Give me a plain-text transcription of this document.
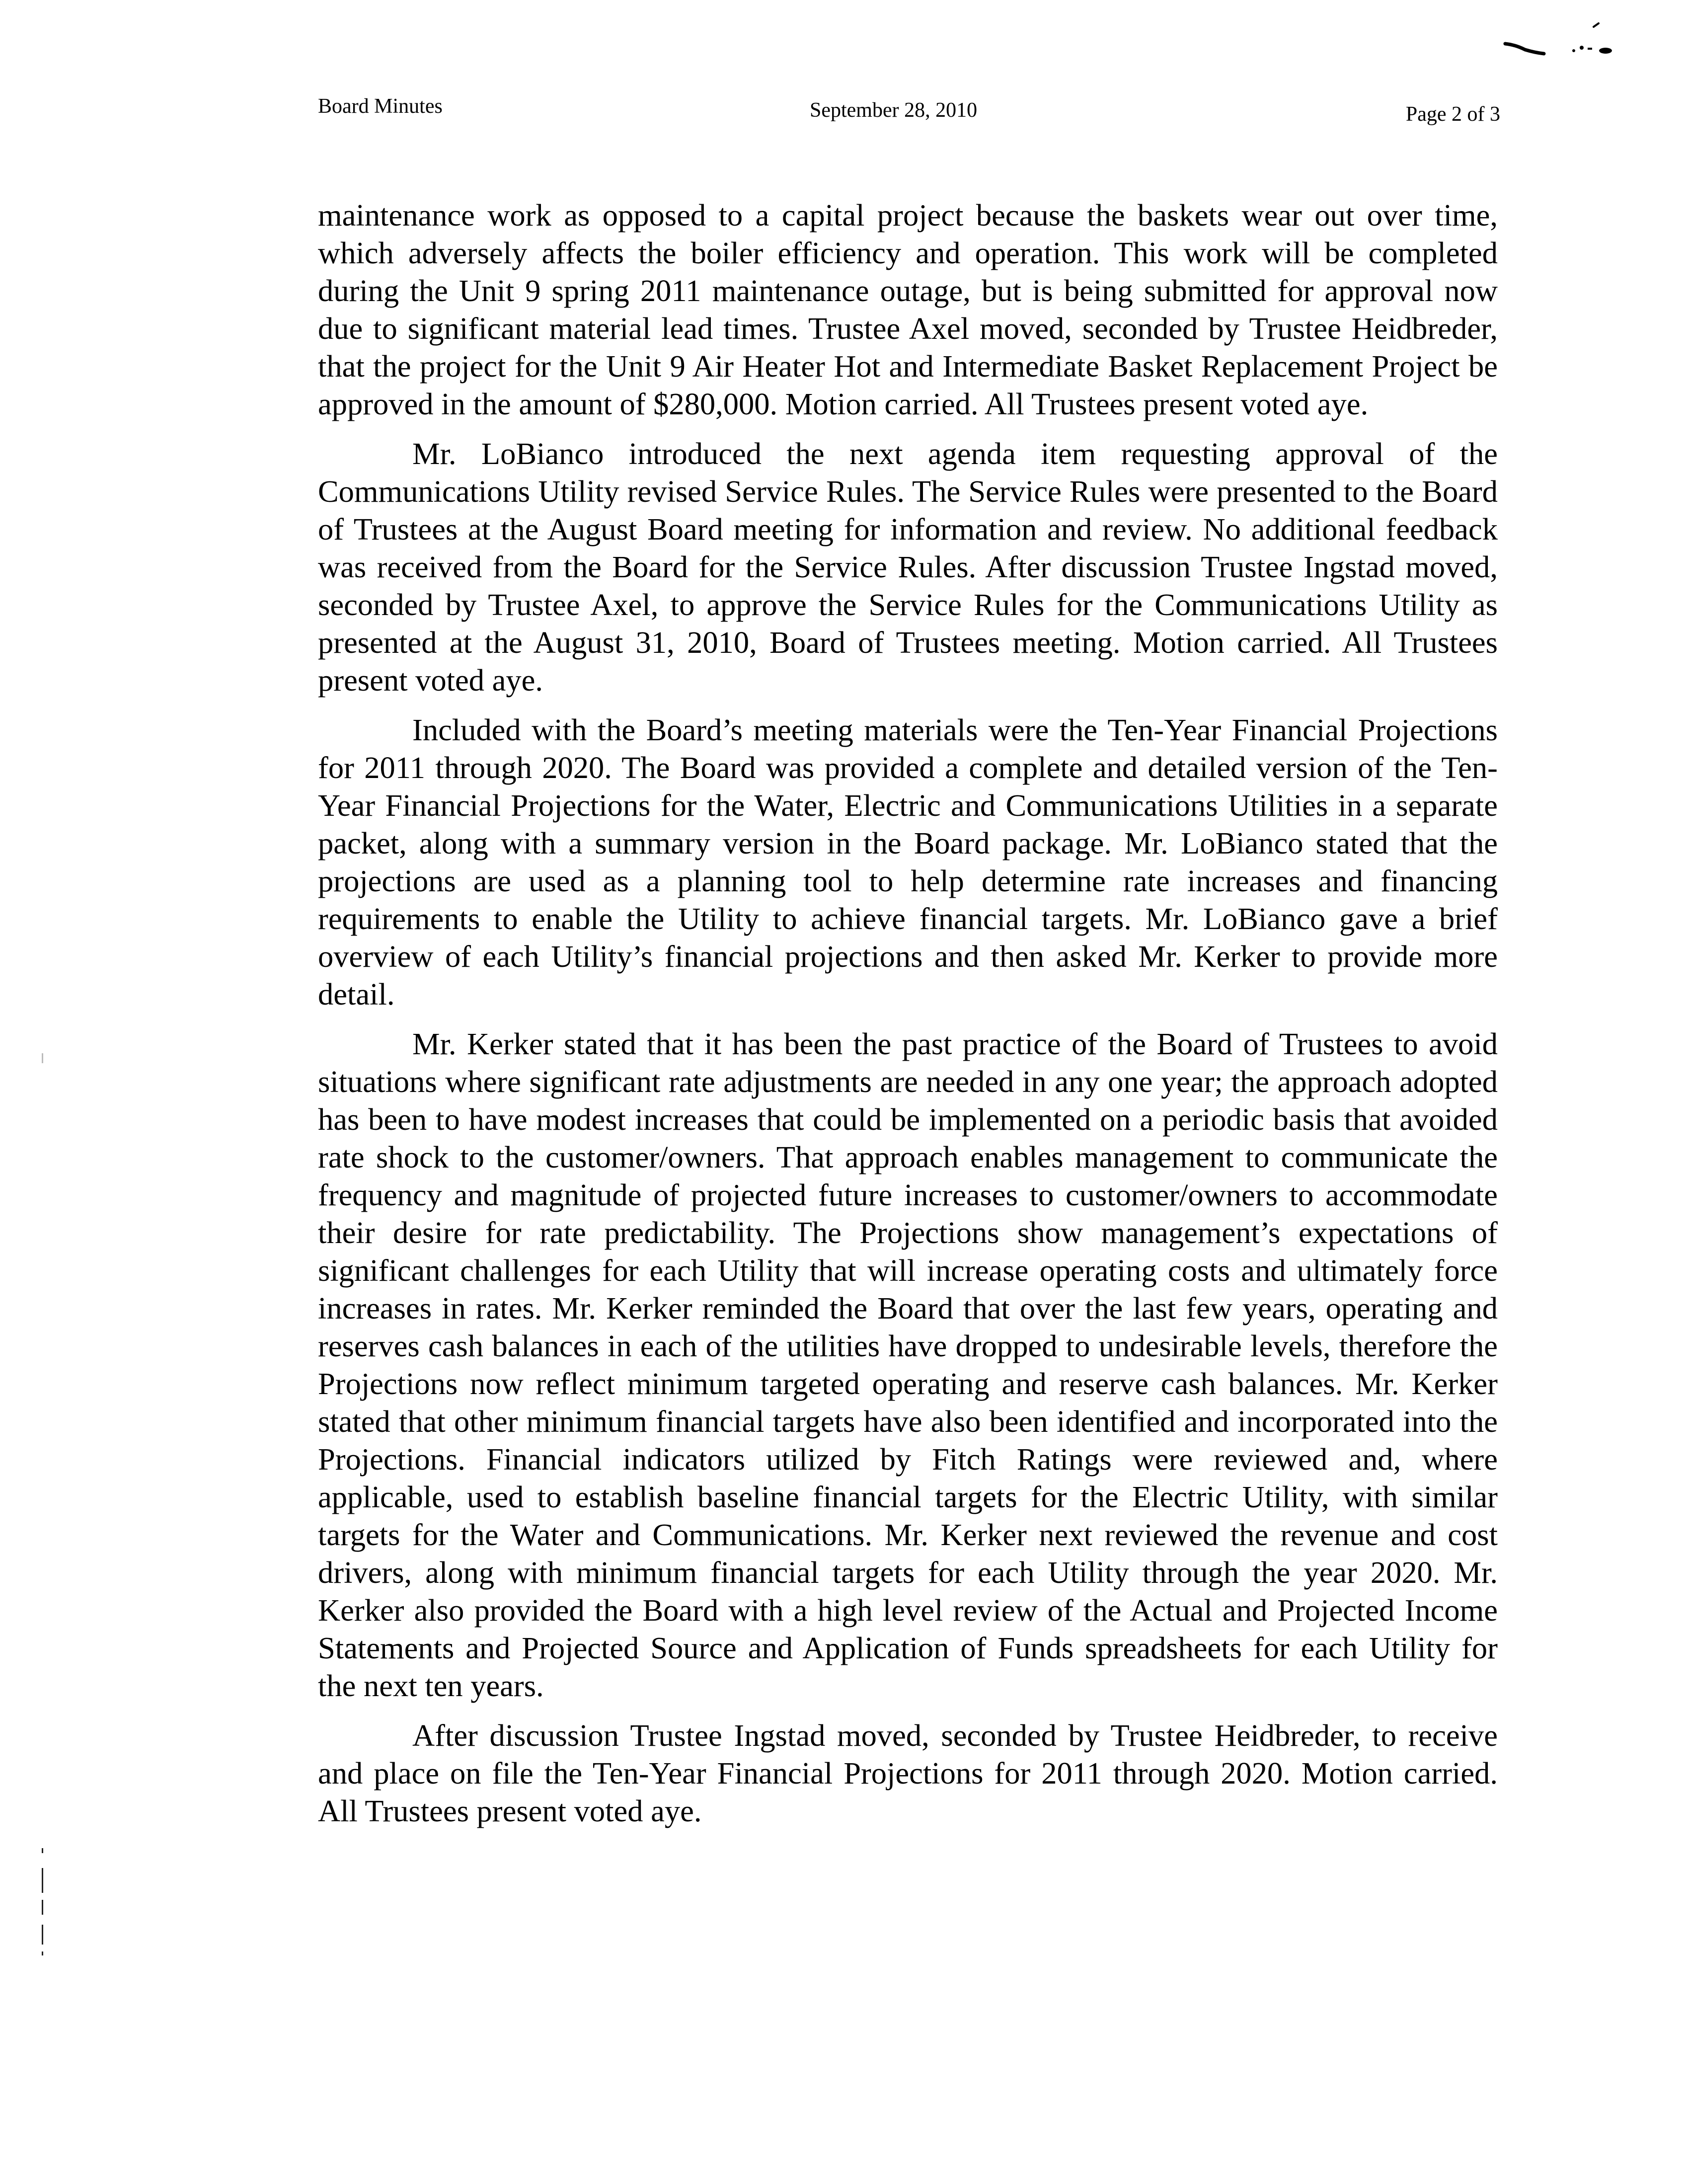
Board Minutes	September 28, 2010	Page 2 of 3

maintenance work as opposed to a capital project because the baskets wear out over time, which adversely affects the boiler efficiency and operation. This work will be completed during the Unit 9 spring 2011 maintenance outage, but is being submitted for approval now due to significant material lead times. Trustee Axel moved, seconded by Trustee Heidbreder, that the project for the Unit 9 Air Heater Hot and Intermediate Basket Replacement Project be approved in the amount of $280,000. Motion carried. All Trustees present voted aye.

Mr. LoBianco introduced the next agenda item requesting approval of the Communications Utility revised Service Rules. The Service Rules were presented to the Board of Trustees at the August Board meeting for information and review. No additional feedback was received from the Board for the Service Rules. After discussion Trustee Ingstad moved, seconded by Trustee Axel, to approve the Service Rules for the Communications Utility as presented at the August 31, 2010, Board of Trustees meeting. Motion carried. All Trustees present voted aye.

Included with the Board’s meeting materials were the Ten-Year Financial Projections for 2011 through 2020. The Board was provided a complete and detailed version of the Ten-Year Financial Projections for the Water, Electric and Communications Utilities in a separate packet, along with a summary version in the Board package. Mr. LoBianco stated that the projections are used as a planning tool to help determine rate increases and financing requirements to enable the Utility to achieve financial targets. Mr. LoBianco gave a brief overview of each Utility’s financial projections and then asked Mr. Kerker to provide more detail.

Mr. Kerker stated that it has been the past practice of the Board of Trustees to avoid situations where significant rate adjustments are needed in any one year; the approach adopted has been to have modest increases that could be implemented on a periodic basis that avoided rate shock to the customer/owners. That approach enables management to communicate the frequency and magnitude of projected future increases to customer/owners to accommodate their desire for rate predictability. The Projections show management’s expectations of significant challenges for each Utility that will increase operating costs and ultimately force increases in rates. Mr. Kerker reminded the Board that over the last few years, operating and reserves cash balances in each of the utilities have dropped to undesirable levels, therefore the Projections now reflect minimum targeted operating and reserve cash balances. Mr. Kerker stated that other minimum financial targets have also been identified and incorporated into the Projections. Financial indicators utilized by Fitch Ratings were reviewed and, where applicable, used to establish baseline financial targets for the Electric Utility, with similar targets for the Water and Communications. Mr. Kerker next reviewed the revenue and cost drivers, along with minimum financial targets for each Utility through the year 2020. Mr. Kerker also provided the Board with a high level review of the Actual and Projected Income Statements and Projected Source and Application of Funds spreadsheets for each Utility for the next ten years.

After discussion Trustee Ingstad moved, seconded by Trustee Heidbreder, to receive and place on file the Ten-Year Financial Projections for 2011 through 2020. Motion carried. All Trustees present voted aye.
